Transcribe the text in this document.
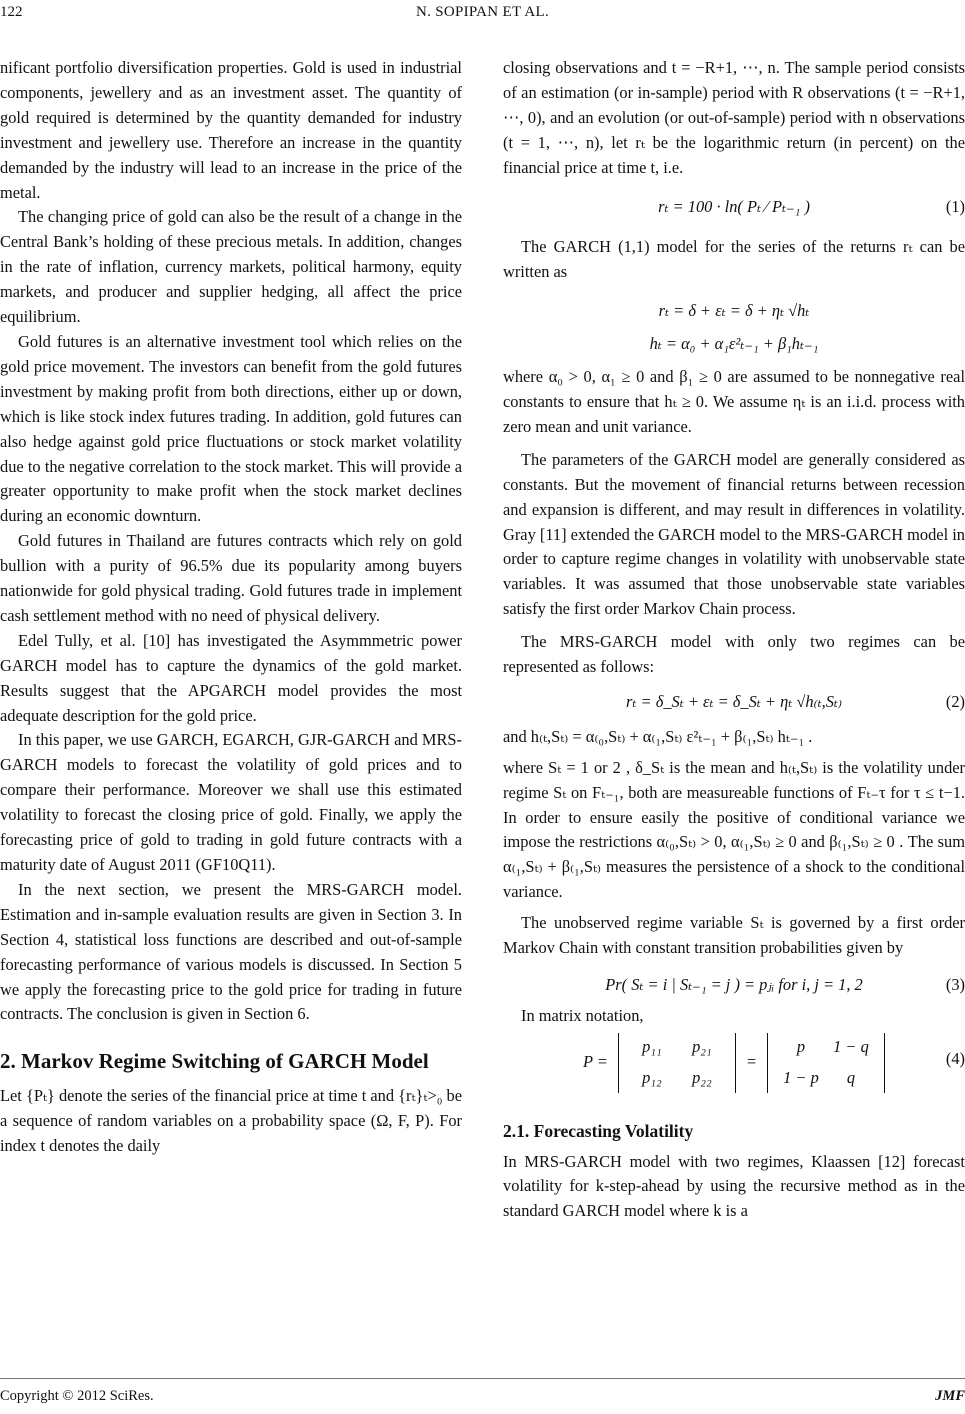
122	N. SOPIPAN ET AL.

nificant portfolio diversification properties. Gold is used in industrial components, jewellery and as an investment asset. The quantity of gold required is determined by the quantity demanded for industry investment and jewellery use. Therefore an increase in the quantity demanded by the industry will lead to an increase in the price of the metal.

The changing price of gold can also be the result of a change in the Central Bank’s holding of these precious metals. In addition, changes in the rate of inflation, currency markets, political harmony, equity markets, and producer and supplier hedging, all affect the price equilibrium.

Gold futures is an alternative investment tool which relies on the gold price movement. The investors can benefit from the gold futures investment by making profit from both directions, either up or down, which is like stock index futures trading. In addition, gold futures can also hedge against gold price fluctuations or stock market volatility due to the negative correlation to the stock market. This will provide a greater opportunity to make profit when the stock market declines during an economic downturn.

Gold futures in Thailand are futures contracts which rely on gold bullion with a purity of 96.5% due its popularity among buyers nationwide for gold physical trading. Gold futures trade in implement cash settlement method with no need of physical delivery.

Edel Tully, et al. [10] has investigated the Asymmmetric power GARCH model has to capture the dynamics of the gold market. Results suggest that the APGARCH model provides the most adequate description for the gold price.

In this paper, we use GARCH, EGARCH, GJR-GARCH and MRS-GARCH models to forecast the volatility of gold prices and to compare their performance. Moreover we shall use this estimated volatility to forecast the closing price of gold. Finally, we apply the forecasting price of gold to trading in gold future contracts with a maturity date of August 2011 (GF10Q11).

In the next section, we present the MRS-GARCH model. Estimation and in-sample evaluation results are given in Section 3. In Section 4, statistical loss functions are described and out-of-sample forecasting performance of various models is discussed. In Section 5 we apply the forecasting price to the gold price for trading in future contracts. The conclusion is given in Section 6.

2. Markov Regime Switching of GARCH Model

Let {Pₜ} denote the series of the financial price at time t and {rₜ}ₜ>₀ be a sequence of random variables on a probability space (Ω, F, P). For index t denotes the daily

closing observations and t = −R+1, ⋯, n. The sample period consists of an estimation (or in-sample) period with R observations (t = −R+1, ⋯, 0), and an evolution (or out-of-sample) period with n observations (t = 1, ⋯, n), let rₜ be the logarithmic return (in percent) on the financial price at time t, i.e.

rₜ = 100 · ln( Pₜ ⁄ Pₜ₋₁ )	(1)

The GARCH (1,1) model for the series of the returns rₜ can be written as

rₜ = δ + εₜ = δ + ηₜ √hₜ
hₜ = α₀ + α₁ε²ₜ₋₁ + β₁hₜ₋₁

where α₀ > 0, α₁ ≥ 0 and β₁ ≥ 0 are assumed to be nonnegative real constants to ensure that hₜ ≥ 0. We assume ηₜ is an i.i.d. process with zero mean and unit variance.

The parameters of the GARCH model are generally considered as constants. But the movement of financial returns between recession and expansion is different, and may result in differences in volatility. Gray [11] extended the GARCH model to the MRS-GARCH model in order to capture regime changes in volatility with unobservable state variables. It was assumed that those unobservable state variables satisfy the first order Markov Chain process.

The MRS-GARCH model with only two regimes can be represented as follows:

rₜ = δ_Sₜ + εₜ = δ_Sₜ + ηₜ √h₍ₜ,Sₜ₎	(2)

and h₍ₜ,Sₜ₎ = α₍₀,Sₜ₎ + α₍₁,Sₜ₎ ε²ₜ₋₁ + β₍₁,Sₜ₎ hₜ₋₁ .

where Sₜ = 1 or 2 , δ_Sₜ is the mean and h₍ₜ,Sₜ₎ is the volatility under regime Sₜ on Fₜ₋₁, both are measureable functions of Fₜ₋τ for τ ≤ t−1. In order to ensure easily the positive of conditional variance we impose the restrictions α₍₀,Sₜ₎ > 0, α₍₁,Sₜ₎ ≥ 0 and β₍₁,Sₜ₎ ≥ 0 . The sum α₍₁,Sₜ₎ + β₍₁,Sₜ₎ measures the persistence of a shock to the conditional variance.

The unobserved regime variable Sₜ is governed by a first order Markov Chain with constant transition probabilities given by

Pr( Sₜ = i | Sₜ₋₁ = j ) = pⱼᵢ for i, j = 1, 2	(3)

In matrix notation,

P =
p₁₁	p₂₁
p₁₂	p₂₂
=
p	1 − q
1 − p	q
(4)
2.1. Forecasting Volatility

In MRS-GARCH model with two regimes, Klaassen [12] forecast volatility for k-step-ahead by using the recursive method as in the standard GARCH model where k is a

Copyright © 2012 SciRes.	JMF
